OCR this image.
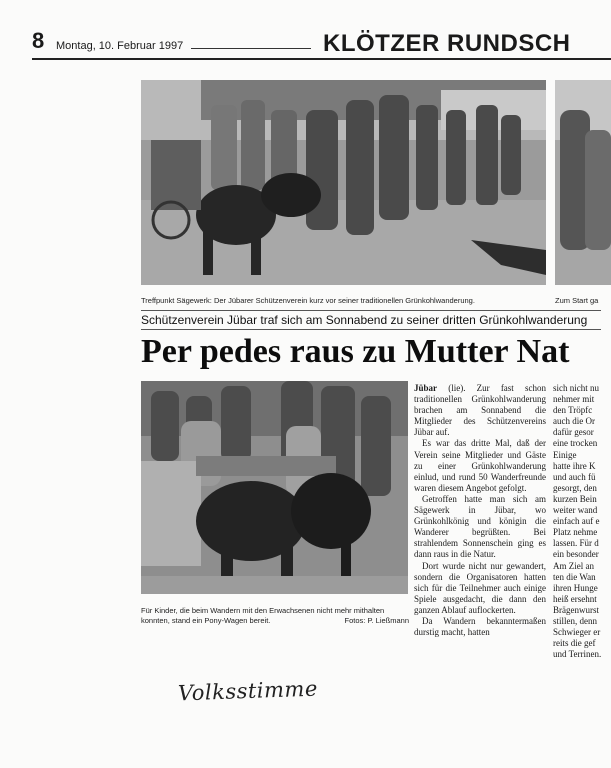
8 Montag, 10. Februar 1997	KLÖTZER RUNDSCH
Treffpunkt Sägewerk: Der Jübarer Schützenverein kurz vor seiner traditionellen Grünkohlwanderung.	Zum Start ga
Schützenverein Jübar traf sich am Sonnabend zu seiner dritten Grünkohlwanderung
Per pedes raus zu Mutter Nat
Für Kinder, die beim Wandern mit den Erwachsenen nicht mehr mithalten konnten, stand ein Pony-Wagen bereit.	Fotos: P. Ließmann

Jübar (lie). Zur fast schon traditionellen Grünkohlwanderung brachen am Sonnabend die Mitglieder des Schützenvereins Jübar auf.

Es war das dritte Mal, daß der Verein seine Mitglieder und Gäste zu einer Grünkohlwanderung einlud, und rund 50 Wanderfreunde waren diesem Angebot gefolgt.

Getroffen hatte man sich am Sägewerk in Jübar, wo Grünkohlkönig und königin die Wanderer begrüßten. Bei strahlendem Sonnenschein ging es dann raus in die Natur.

Dort wurde nicht nur gewandert, sondern die Organisatoren hatten sich für die Teilnehmer auch einige Spiele ausgedacht, die dann den ganzen Ablauf auflockerten.

Da Wandern bekanntermaßen durstig macht, hatten

sich nicht nu
nehmer mit
den Tröpfc
auch die Or
dafür gesor
eine trocken
Einige
hatte ihre K
und auch fü
gesorgt, den
kurzen Bein
weiter wand
einfach auf e
Platz nehme
lassen. Für d
ein besonder
Am Ziel an
ten die Wan
ihren Hunge
heiß ersehnt
Brägenwurst
stillen, denn
Schwieger er
reits die gef
und Terrinen.
Volksstimme
